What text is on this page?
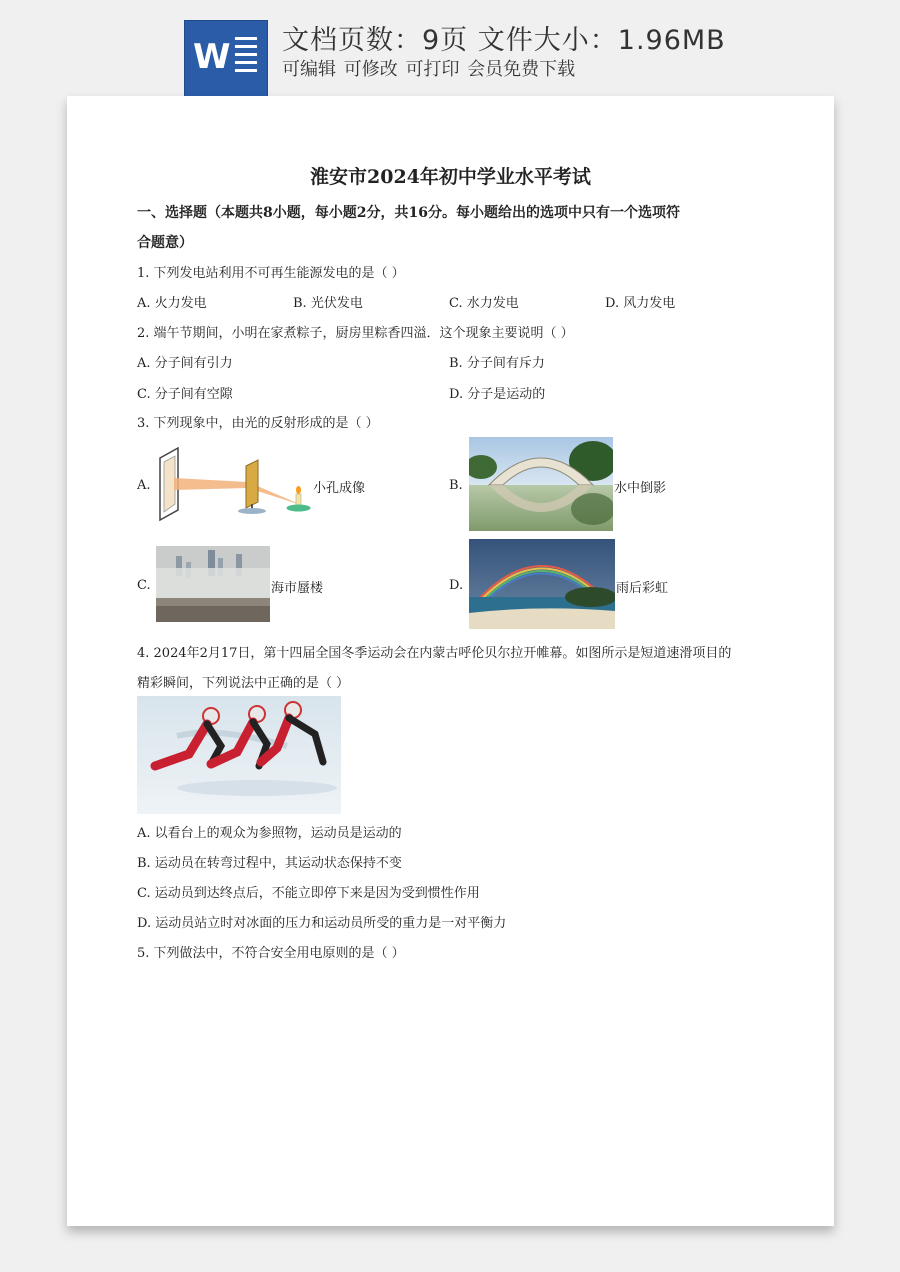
W 文档页数：9页 文件大小：1.96MB
可编辑 可修改 可打印 会员免费下载
淮安市2024年初中学业水平考试
一、选择题（本题共8小题，每小题2分，共16分。每小题给出的选项中只有一个选项符
合题意）
1. 下列发电站利用不可再生能源发电的是（ ）
A. 火力发电	B. 光伏发电	C. 水力发电	D. 风力发电
2. 端午节期间，小明在家煮粽子，厨房里粽香四溢．这个现象主要说明（ ）
A. 分子间有引力	B. 分子间有斥力
C. 分子间有空隙	D. 分子是运动的
3. 下列现象中，由光的反射形成的是（ ）
A.	小孔成像	B.	水中倒影
C.	海市蜃楼	D.	雨后彩虹
4. 2024年2月17日，第十四届全国冬季运动会在内蒙古呼伦贝尔拉开帷幕。如图所示是短道速滑项目的
精彩瞬间，下列说法中正确的是（ ）
A. 以看台上的观众为参照物，运动员是运动的
B. 运动员在转弯过程中，其运动状态保持不变
C. 运动员到达终点后，不能立即停下来是因为受到惯性作用
D. 运动员站立时对冰面的压力和运动员所受的重力是一对平衡力
5. 下列做法中，不符合安全用电原则的是（ ）
